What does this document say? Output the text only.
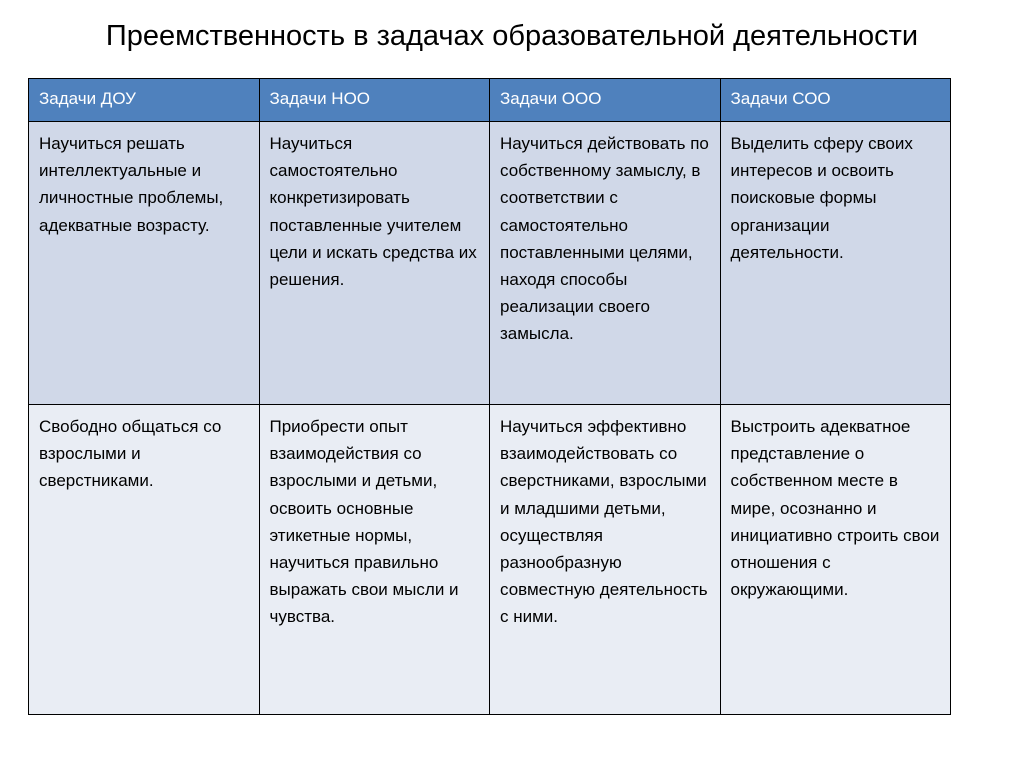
Преемственность в задачах образовательной деятельности
Задачи ДОУ	Задачи НОО	Задачи ООО	Задачи СОО
Научиться решать интеллектуальные и личностные проблемы, адекватные возрасту.	Научиться самостоятельно конкретизировать поставленные учителем цели и искать средства их решения.	Научиться действовать по собственному замыслу, в соответствии с самостоятельно поставленными целями, находя способы реализации своего замысла.	Выделить сферу своих интересов и освоить поисковые формы организации деятельности.
Свободно общаться со взрослыми и сверстниками.	Приобрести опыт взаимодействия со взрослыми и детьми, освоить основные этикетные нормы, научиться правильно выражать свои мысли и чувства.	Научиться эффективно взаимодействовать со сверстниками, взрослыми и младшими детьми, осуществляя разнообразную совместную деятельность с ними.	Выстроить адекватное представление о собственном месте в мире, осознанно и инициативно строить свои отношения с окружающими.
